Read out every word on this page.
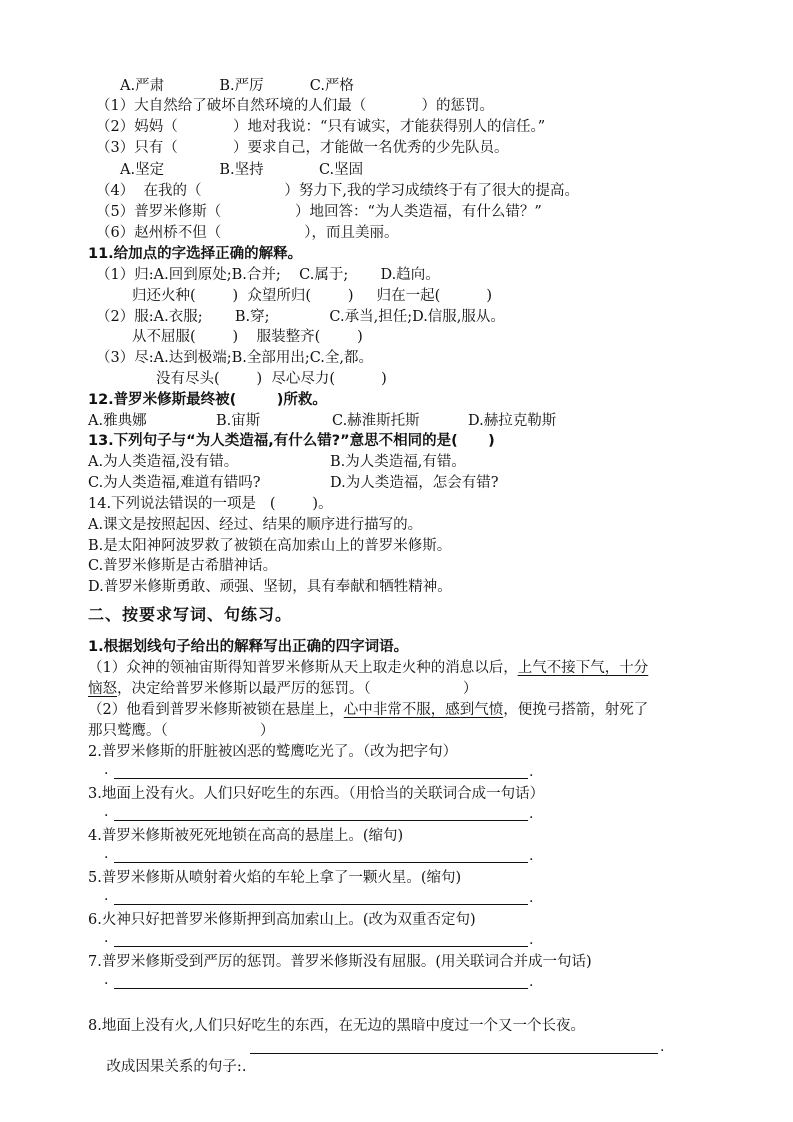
A.严肃            B.严厉          C.严格
（1）大自然给了破坏自然环境的人们最（            ）的惩罚。
（2）妈妈（            ）地对我说：“只有诚实，才能获得别人的信任。”
（3）只有（            ）要求自己，才能做一名优秀的少先队员。
A.坚定            B.坚持            C.坚固
（4）  在我的（                  ）努力下,我的学习成绩终于有了很大的提高。
（5）普罗米修斯（                ）地回答：“为人类造福，有什么错？”
（6）赵州桥不但（                  ），而且美丽。
11.给加点的字选择正确的解释。
（1）归:A.回到原处;B.合并;    C.属于;       D.趋向。
归还火种(        )  众望所归(        )     归在一起(          )
（2）服:A.衣服;       B.穿;             C.承当,担任;D.信服,服从。
从不屈服(        )    服装整齐(        )
（3）尽:A.达到极端;B.全部用出;C.全,都。
没有尽头(        )  尽心尽力(          )
12.普罗米修斯最终被(        )所救。
A.雅典娜	B.宙斯	C.赫淮斯托斯	D.赫拉克勒斯
13.下列句子与“为人类造福,有什么错?”意思不相同的是(      )
A.为人类造福,没有错。	B.为人类造福,有错。
C.为人类造福,难道有错吗?	D.为人类造福，怎会有错?
14.下列说法错误的一项是   (        )。
A.课文是按照起因、经过、结果的顺序进行描写的。
B.是太阳神阿波罗救了被锁在高加索山上的普罗米修斯。
C.普罗米修斯是古希腊神话。
D.普罗米修斯勇敢、顽强、坚韧，具有奉献和牺牲精神。
二、按要求写词、句练习。
1.根据划线句子给出的解释写出正确的四字词语。
（1）众神的领袖宙斯得知普罗米修斯从天上取走火种的消息以后，上气不接下气，十分
恼怒，决定给普罗米修斯以最严厉的惩罚。（                    ）
（2）他看到普罗米修斯被锁在悬崖上，心中非常不服，感到气愤，便挽弓搭箭，射死了
那只鹫鹰。（                    ）
2.普罗米修斯的肝脏被凶恶的鹫鹰吃光了。（改为把字句）
.	.
3.地面上没有火。人们只好吃生的东西。（用恰当的关联词合成一句话）
.	.
4.普罗米修斯被死死地锁在高高的悬崖上。(缩句)
.	.
5.普罗米修斯从喷射着火焰的车轮上拿了一颗火星。(缩句)
.	.
6.火神只好把普罗米修斯押到高加索山上。(改为双重否定句)
.	.
7.普罗米修斯受到严厉的惩罚。普罗米修斯没有屈服。(用关联词合并成一句话)
.	.
8.地面上没有火,人们只好吃生的东西，在无边的黑暗中度过一个又一个长夜。

改成因果关系的句子:.

.
